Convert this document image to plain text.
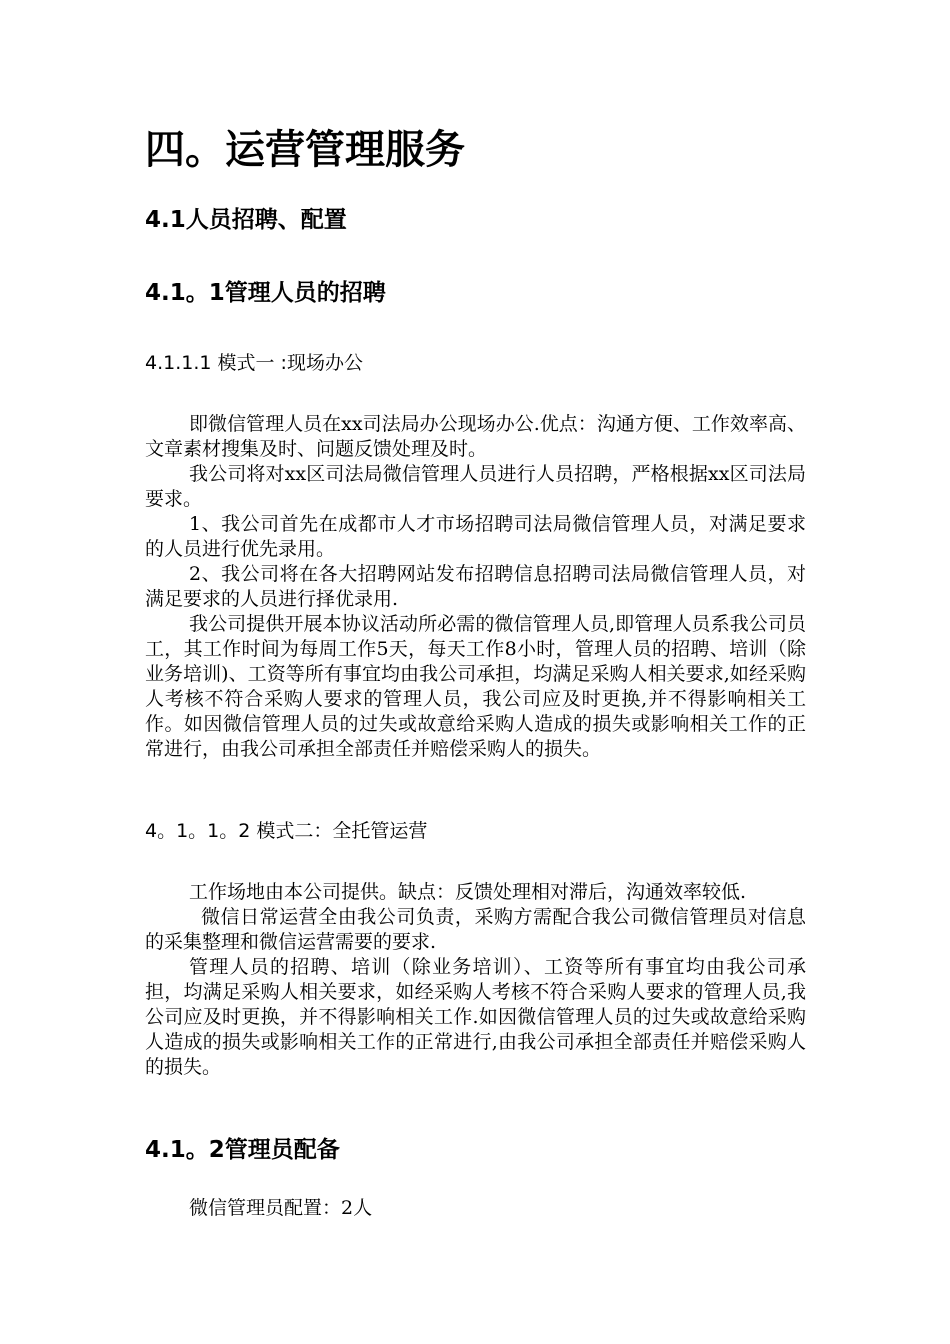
四。运营管理服务
4.1人员招聘、配置
4.1。1管理人员的招聘
4.1.1.1 模式一 :现场办公

即微信管理人员在xx司法局办公现场办公.优点：沟通方便、工作效率高、文章素材搜集及时、问题反馈处理及时。

我公司将对xx区司法局微信管理人员进行人员招聘，严格根据xx区司法局要求。

1、我公司首先在成都市人才市场招聘司法局微信管理人员，对满足要求的人员进行优先录用。

2、我公司将在各大招聘网站发布招聘信息招聘司法局微信管理人员，对满足要求的人员进行择优录用.

我公司提供开展本协议活动所必需的微信管理人员,即管理人员系我公司员工，其工作时间为每周工作5天，每天工作8小时，管理人员的招聘、培训（除业务培训)、工资等所有事宜均由我公司承担，均满足采购人相关要求,如经采购人考核不符合采购人要求的管理人员，我公司应及时更换,并不得影响相关工作。如因微信管理人员的过失或故意给采购人造成的损失或影响相关工作的正常进行，由我公司承担全部责任并赔偿采购人的损失。

4。1。1。2 模式二：全托管运营

工作场地由本公司提供。缺点：反馈处理相对滞后，沟通效率较低.

微信日常运营全由我公司负责，采购方需配合我公司微信管理员对信息的采集整理和微信运营需要的要求.

管理人员的招聘、培训（除业务培训）、工资等所有事宜均由我公司承担，均满足采购人相关要求，如经采购人考核不符合采购人要求的管理人员,我公司应及时更换，并不得影响相关工作.如因微信管理人员的过失或故意给采购人造成的损失或影响相关工作的正常进行,由我公司承担全部责任并赔偿采购人的损失。

4.1。2管理员配备
微信管理员配置：2人
